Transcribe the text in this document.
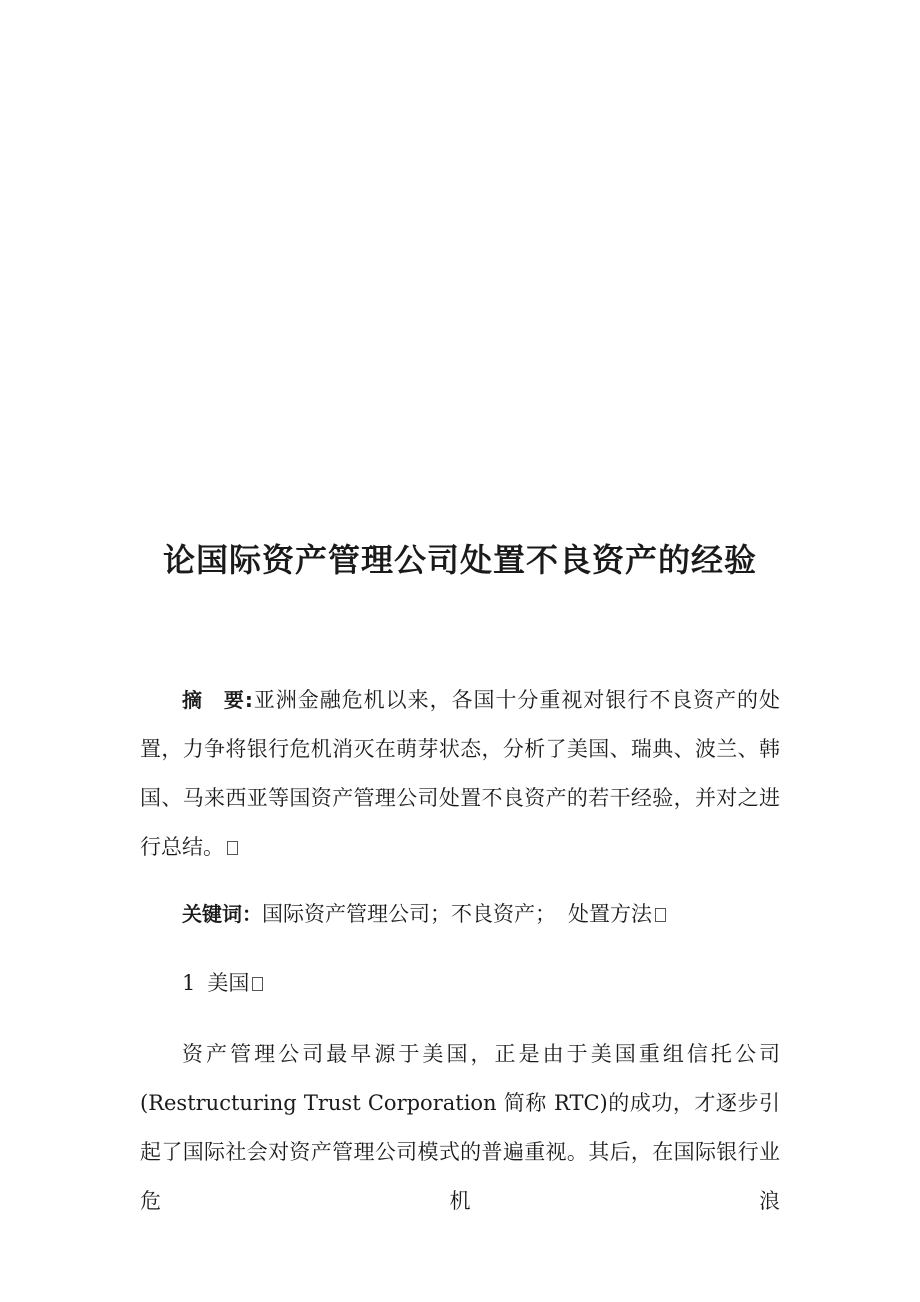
论国际资产管理公司处置不良资产的经验

摘 要:亚洲金融危机以来，各国十分重视对银行不良资产的处置，力争将银行危机消灭在萌芽状态，分析了美国、瑞典、波兰、韩国、马来西亚等国资产管理公司处置不良资产的若干经验，并对之进行总结。

关键词：国际资产管理公司；不良资产； 处置方法

1 美国

资产管理公司最早源于美国，正是由于美国重组信托公司(Restructuring Trust Corporation 简称 RTC)的成功，才逐步引起了国际社会对资产管理公司模式的普遍重视。其后，在国际银行业危机浪
